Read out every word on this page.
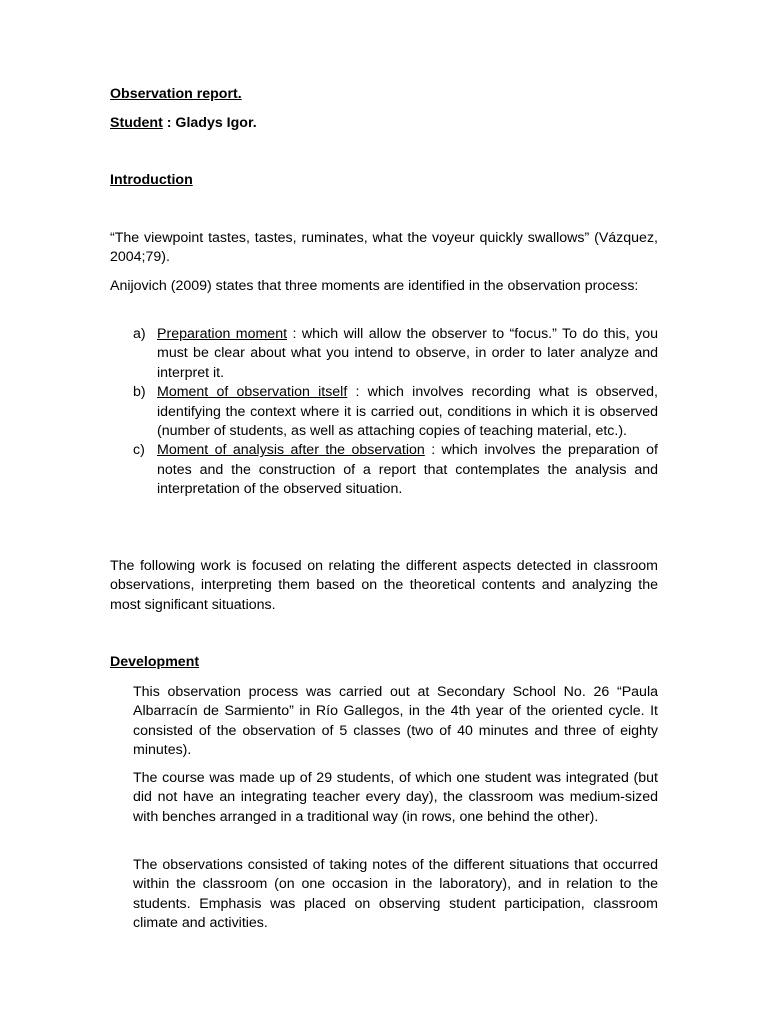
Observation report.

Student : Gladys Igor.

Introduction

“The viewpoint tastes, tastes, ruminates, what the voyeur quickly swallows” (Vázquez, 2004;79).

Anijovich (2009) states that three moments are identified in the observation process:

a) Preparation moment : which will allow the observer to “focus.” To do this, you must be clear about what you intend to observe, in order to later analyze and interpret it.
b) Moment of observation itself : which involves recording what is observed, identifying the context where it is carried out, conditions in which it is observed (number of students, as well as attaching copies of teaching material, etc.).
c) Moment of analysis after the observation : which involves the preparation of notes and the construction of a report that contemplates the analysis and interpretation of the observed situation.

The following work is focused on relating the different aspects detected in classroom observations, interpreting them based on the theoretical contents and analyzing the most significant situations.

Development

This observation process was carried out at Secondary School No. 26 “Paula Albarracín de Sarmiento” in Río Gallegos, in the 4th year of the oriented cycle. It consisted of the observation of 5 classes (two of 40 minutes and three of eighty minutes).

The course was made up of 29 students, of which one student was integrated (but did not have an integrating teacher every day), the classroom was medium-sized with benches arranged in a traditional way (in rows, one behind the other).

The observations consisted of taking notes of the different situations that occurred within the classroom (on one occasion in the laboratory), and in relation to the students. Emphasis was placed on observing student participation, classroom climate and activities.
